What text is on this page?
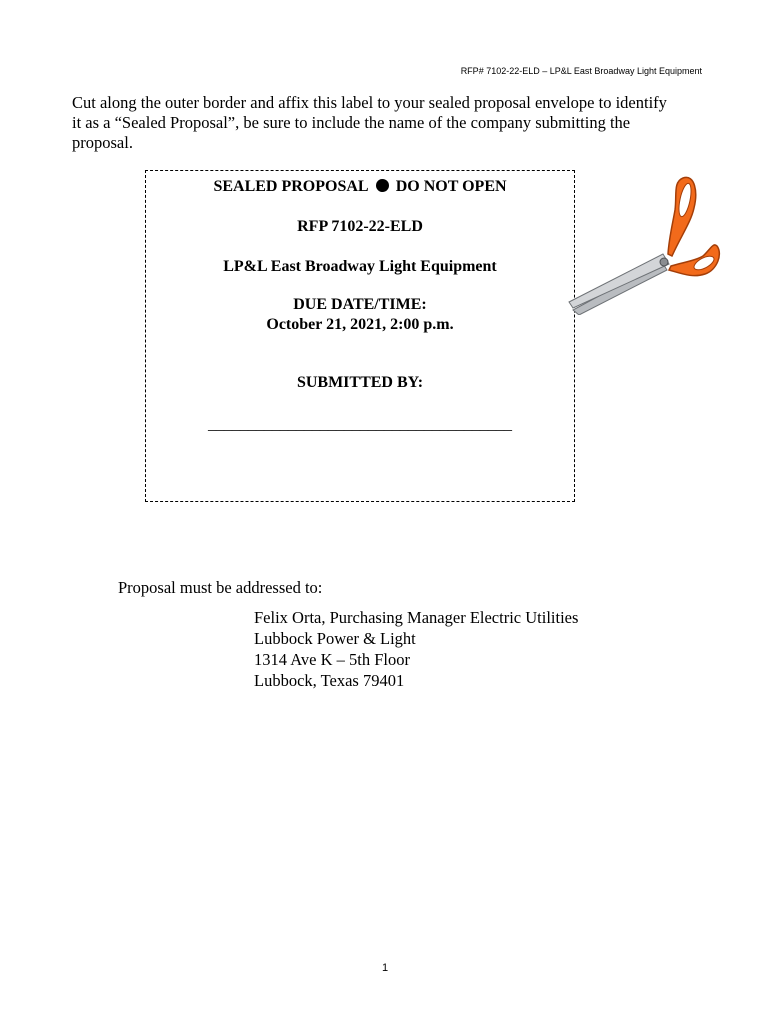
RFP# 7102-22-ELD – LP&L East Broadway Light Equipment
Cut along the outer border and affix this label to your sealed proposal envelope to identify it as a “Sealed Proposal”, be sure to include the name of the company submitting the proposal.
SEALED PROPOSAL DO NOT OPEN
RFP 7102-22-ELD
LP&L East Broadway Light Equipment
DUE DATE/TIME:
October 21, 2021, 2:00 p.m.
SUBMITTED BY:
______________________________________
Proposal must be addressed to:
Felix Orta, Purchasing Manager Electric Utilities
Lubbock Power & Light
1314 Ave K – 5th Floor
Lubbock, Texas 79401
1
